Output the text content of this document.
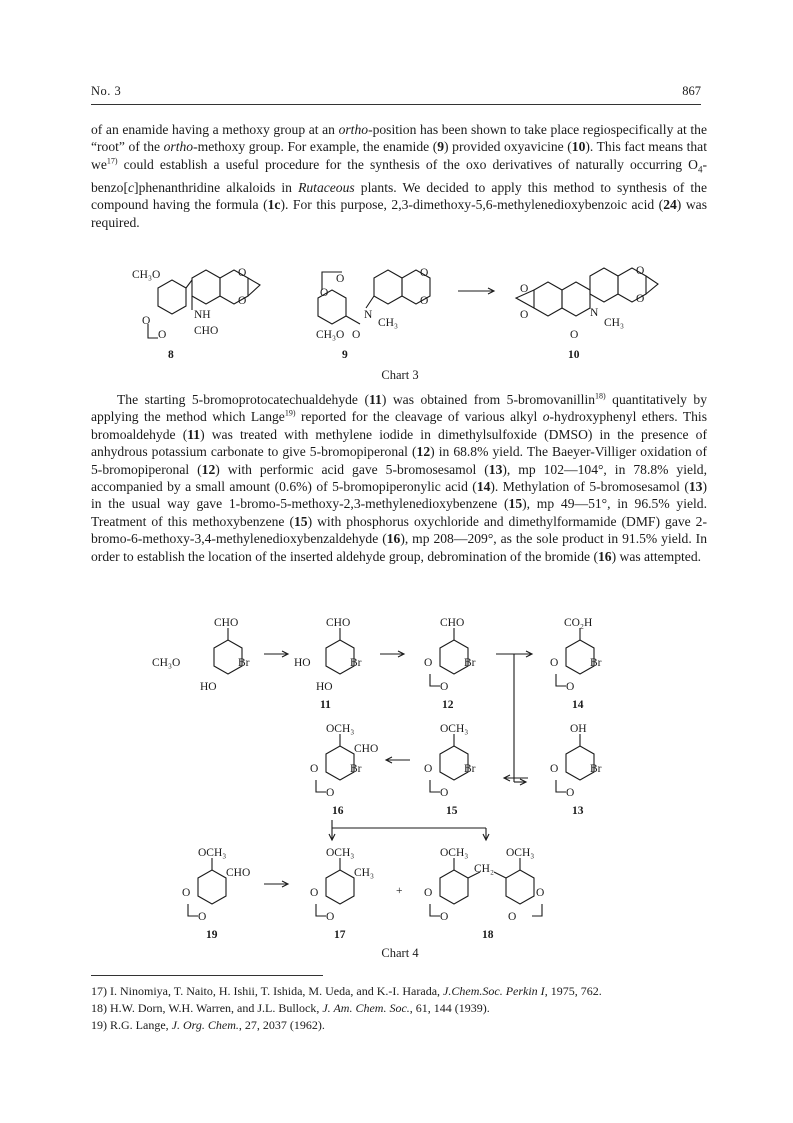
No. 3	867

of an enamide having a methoxy group at an ortho-position has been shown to take place regiospecifically at the “root” of the ortho-methoxy group. For example, the enamide (9) provided oxyavicine (10). This fact means that $we^{17)}$ could establish a useful procedure for the synthesis of the oxo derivatives of naturally occurring $O_4-benzo[c]phenanthridine$ alkaloids in Rutaceous plants. We decided to apply this method to synthesis of the compound having the formula (1c). For this purpose, 2,3-dimethoxy-5,6-methylenedioxybenzoic acid (24) was required.

CH₃O	O
O
NH
O
O CHO
8
O
O
O
O
N
CH₃
CH₃O O
9
O
O
O
O
N
CH₃
O
10
Chart 3

The starting 5-bromoprotocatechualdehyde (11) was obtained from 5-bromovanillin$^{18)}$ quantitatively by applying the method which Lange$^{19)}$ reported for the cleavage of various alkyl o-hydroxyphenyl ethers. This bromoaldehyde (11) was treated with methylene iodide in dimethylsulfoxide (DMSO) in the presence of anhydrous potassium carbonate to give 5-bromopiperonal (12) in 68.8% yield. The Baeyer-Villiger oxidation of 5-bromopiperonal (12) with performic acid gave 5-bromosesamol (13), mp 102—104°, in 78.8% yield, accompanied by a small amount (0.6%) of 5-bromopiperonylic acid (14). Methylation of 5-bromosesamol (13) in the usual way gave 1-bromo-5-methoxy-2,3-methylenedioxybenzene (15), mp 49—51°, in 96.5% yield. Treatment of this methoxybenzene (15) with phosphorus oxychloride and dimethylformamide (DMF) gave 2-bromo-6-methoxy-3,4-methylenedioxybenzaldehyde (16), mp 208—209°, as the sole product in 91.5% yield. In order to establish the location of the inserted aldehyde group, debromination of the bromide (16) was attempted.

CHO
CH₃O	Br
HO
CHO
HO	Br
HO
11
CHO
O	Br
O
12
CO₂H
O	Br
O
14
OCH₃
CHO
O	Br
O
16
OCH₃
O	Br
O
15
OH
O	Br
O
13
OCH₃
CHO
O
O
19
OCH₃
CH₃
O
O
17
+
OCH₃	OCH₃
CH₂
O
O
O
O
18
Chart 4
17) I. Ninomiya, T. Naito, H. Ishii, T. Ishida, M. Ueda, and K.-I. Harada, J.Chem.Soc. Perkin I, 1975, 762.
18) H.W. Dorn, W.H. Warren, and J.L. Bullock, J. Am. Chem. Soc., 61, 144 (1939).
19) R.G. Lange, J. Org. Chem., 27, 2037 (1962).
